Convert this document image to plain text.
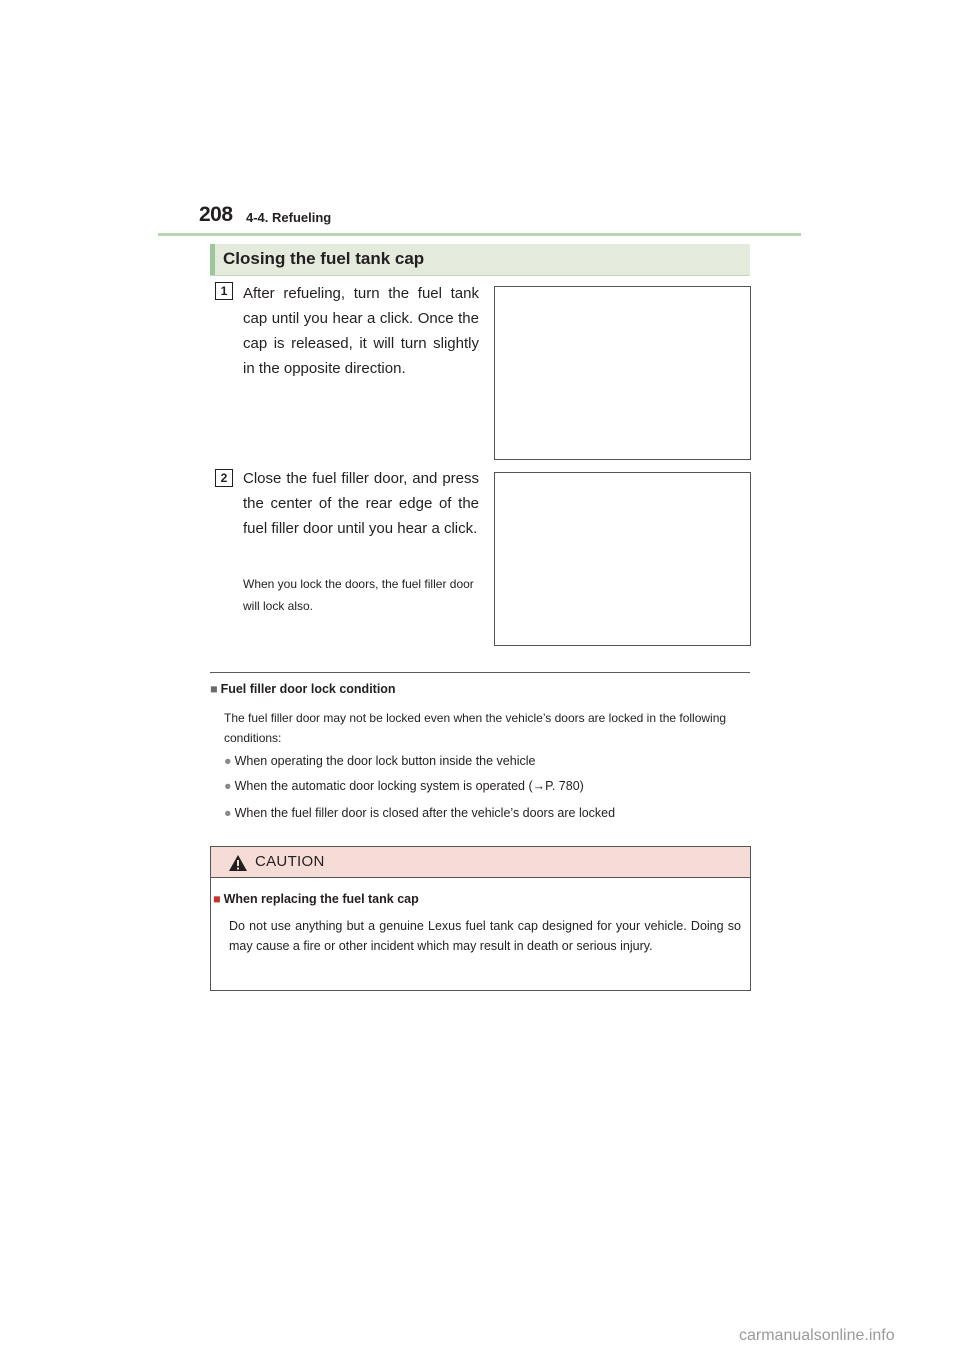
208 4-4. Refueling
Closing the fuel tank cap
1	After refueling, turn the fuel tank cap until you hear a click. Once the cap is released, it will turn slightly in the opposite direction.
2	Close the fuel filler door, and press the center of the rear edge of the fuel filler door until you hear a click.
When you lock the doors, the fuel filler door will lock also.
■ Fuel filler door lock condition
The fuel filler door may not be locked even when the vehicle’s doors are locked in the following conditions:
● When operating the door lock button inside the vehicle
● When the automatic door locking system is operated (→P. 780)
● When the fuel filler door is closed after the vehicle’s doors are locked
CAUTION
■ When replacing the fuel tank cap
Do not use anything but a genuine Lexus fuel tank cap designed for your vehicle. Doing so may cause a fire or other incident which may result in death or serious injury.
carmanualsonline.info
